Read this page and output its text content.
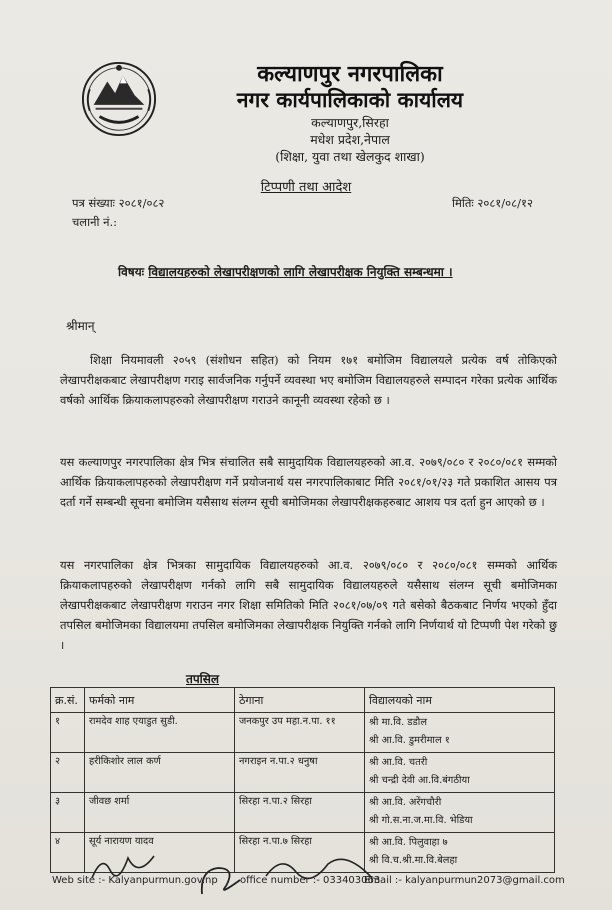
कल्याणपुर नगरपालिका
नगर कार्यपालिकाको कार्यालय
कल्याणपुर,सिरहा
मधेश प्रदेश,नेपाल
(शिक्षा, युवा तथा खेलकुद शाखा)
टिप्पणी तथा आदेश
पत्र संख्याः २०८१/०८२
चलानी नं.:
मितिः २०८१/०८/१२
विषयः विद्यालयहरुको लेखापरीक्षणको लागि लेखापरीक्षक नियुक्ति सम्बन्धमा ।
श्रीमान्
शिक्षा नियमावली २०५९ (संशोधन सहित) को नियम १७१ बमोजिम विद्यालयले प्रत्येक वर्ष तोकिएको लेखापरीक्षकबाट लेखापरीक्षण गराइ सार्वजनिक गर्नुपर्ने व्यवस्था भए बमोजिम विद्यालयहरुले सम्पादन गरेका प्रत्येक आर्थिक वर्षको आर्थिक क्रियाकलापहरुको लेखापरीक्षण गराउने कानूनी व्यवस्था रहेको छ ।
यस कल्याणपुर नगरपालिका क्षेत्र भित्र संचालित सबै सामुदायिक विद्यालयहरुको आ.व. २०७९/०८० र २०८०/०८१ सम्मको आर्थिक क्रियाकलापहरुको लेखापरीक्षण गर्ने प्रयोजनार्थ यस नगरपालिकाबाट मिति २०८१/०१/२३ गते प्रकाशित आसय पत्र दर्ता गर्ने सम्बन्धी सूचना बमोजिम यसैसाथ संलग्न सूची बमोजिमका लेखापरीक्षकहरुबाट आशय पत्र दर्ता हुन आएको छ ।
यस नगरपालिका क्षेत्र भित्रका सामुदायिक विद्यालयहरुको आ.व. २०७९/०८० र २०८०/०८१ सम्मको आर्थिक क्रियाकलापहरुको लेखापरीक्षण गर्नको लागि सबै सामुदायिक विद्यालयहरुले यसैसाथ संलग्न सूची बमोजिमका लेखापरीक्षकबाट लेखापरीक्षण गराउन नगर शिक्षा समितिको मिति २०८१/०७/०९ गते बसेको बैठकबाट निर्णय भएको हुँदा तपसिल बमोजिमका विद्यालयमा तपसिल बमोजिमका लेखापरीक्षक नियुक्ति गर्नको लागि निर्णयार्थ यो टिप्पणी पेश गरेको छु ।
तपसिल
क्र.सं.	फर्मको नाम	ठेगाना	विद्यालयको नाम
१	रामदेव शाह एयाडुत सुडी.	जनकपुर उप महा.न.पा. ११	श्री मा.वि. डडौल
श्री आ.वि. डुमरीमाल १

२	हरीकिशोर लाल कर्ण	नगराइन न.पा.२ धनुषा	श्री आ.वि. चतरी
श्री चन्द्री देवी आ.वि.बंगठीया

३	जीवछ शर्मा	सिरहा न.पा.२ सिरहा	श्री आ.वि. अरेंगचौरी
श्री गो.स.ना.ज.मा.वि. भेडिया

४	सूर्य नारायण यादव	सिरहा न.पा.७ सिरहा	श्री आ.वि. पिलुवाहा ७
श्री वि.च.श्री.मा.वि.बेलहा
Web site :- Kalyanpurmun.gov.np office number :- 033403063
Email :- kalyanpurmun2073@gmail.com
